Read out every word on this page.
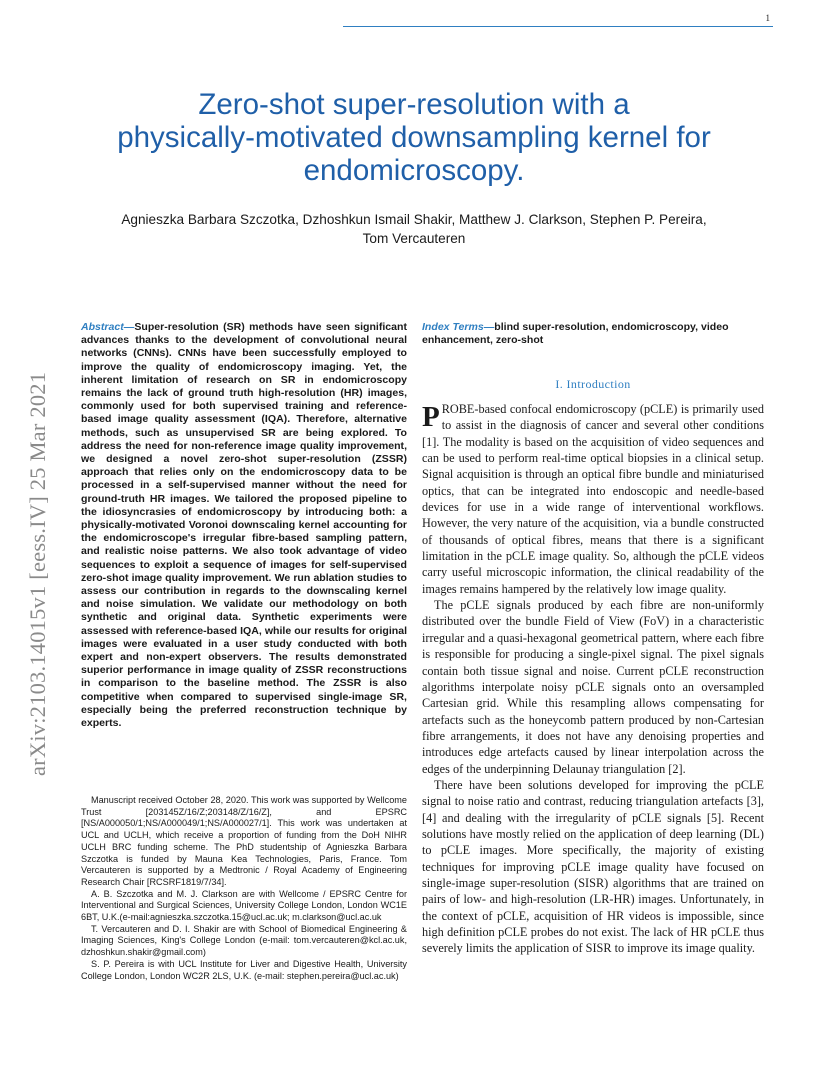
1
arXiv:2103.14015v1 [eess.IV] 25 Mar 2021
Zero-shot super-resolution with a
physically-motivated downsampling kernel for
endomicroscopy.
Agnieszka Barbara Szczotka, Dzhoshkun Ismail Shakir, Matthew J. Clarkson, Stephen P. Pereira,
Tom Vercauteren

Abstract—Super-resolution (SR) methods have seen significant advances thanks to the development of convolutional neural networks (CNNs). CNNs have been successfully employed to improve the quality of endomicroscopy imaging. Yet, the inherent limitation of research on SR in endomicroscopy remains the lack of ground truth high-resolution (HR) images, commonly used for both supervised training and reference-based image quality assessment (IQA). Therefore, alternative methods, such as unsupervised SR are being explored. To address the need for non-reference image quality improvement, we designed a novel zero-shot super-resolution (ZSSR) approach that relies only on the endomicroscopy data to be processed in a self-supervised manner without the need for ground-truth HR images. We tailored the proposed pipeline to the idiosyncrasies of endomicroscopy by introducing both: a physically-motivated Voronoi downscaling kernel accounting for the endomicroscope's irregular fibre-based sampling pattern, and realistic noise patterns. We also took advantage of video sequences to exploit a sequence of images for self-supervised zero-shot image quality improvement. We run ablation studies to assess our contribution in regards to the downscaling kernel and noise simulation. We validate our methodology on both synthetic and original data. Synthetic experiments were assessed with reference-based IQA, while our results for original images were evaluated in a user study conducted with both expert and non-expert observers. The results demonstrated superior performance in image quality of ZSSR reconstructions in comparison to the baseline method. The ZSSR is also competitive when compared to supervised single-image SR, especially being the preferred reconstruction technique by experts.

Index Terms—blind super-resolution, endomicroscopy, video enhancement, zero-shot

Manuscript received October 28, 2020. This work was supported by Wellcome Trust [203145Z/16/Z;203148/Z/16/Z], and EPSRC [NS/A000050/1;NS/A000049/1;NS/A000027/1]. This work was undertaken at UCL and UCLH, which receive a proportion of funding from the DoH NIHR UCLH BRC funding scheme. The PhD studentship of Agnieszka Barbara Szczotka is funded by Mauna Kea Technologies, Paris, France. Tom Vercauteren is supported by a Medtronic / Royal Academy of Engineering Research Chair [RCSRF1819/7/34].

A. B. Szczotka and M. J. Clarkson are with Wellcome / EPSRC Centre for Interventional and Surgical Sciences, University College London, London WC1E 6BT, U.K.(e-mail:agnieszka.szczotka.15@ucl.ac.uk; m.clarkson@ucl.ac.uk

T. Vercauteren and D. I. Shakir are with School of Biomedical Engineering & Imaging Sciences, King's College London (e-mail: tom.vercauteren@kcl.ac.uk, dzhoshkun.shakir@gmail.com)

S. P. Pereira is with UCL Institute for Liver and Digestive Health, University College London, London WC2R 2LS, U.K. (e-mail: stephen.pereira@ucl.ac.uk)

I. Introduction

PROBE-based confocal endomicroscopy (pCLE) is primarily used to assist in the diagnosis of cancer and several other conditions [1]. The modality is based on the acquisition of video sequences and can be used to perform real-time optical biopsies in a clinical setup. Signal acquisition is through an optical fibre bundle and miniaturised optics, that can be integrated into endoscopic and needle-based devices for use in a wide range of interventional workflows. However, the very nature of the acquisition, via a bundle constructed of thousands of optical fibres, means that there is a significant limitation in the pCLE image quality. So, although the pCLE videos carry useful microscopic information, the clinical readability of the images remains hampered by the relatively low image quality.

The pCLE signals produced by each fibre are non-uniformly distributed over the bundle Field of View (FoV) in a characteristic irregular and a quasi-hexagonal geometrical pattern, where each fibre is responsible for producing a single-pixel signal. The pixel signals contain both tissue signal and noise. Current pCLE reconstruction algorithms interpolate noisy pCLE signals onto an oversampled Cartesian grid. While this resampling allows compensating for artefacts such as the honeycomb pattern produced by non-Cartesian fibre arrangements, it does not have any denoising properties and introduces edge artefacts caused by linear interpolation across the edges of the underpinning Delaunay triangulation [2].

There have been solutions developed for improving the pCLE signal to noise ratio and contrast, reducing triangulation artefacts [3], [4] and dealing with the irregularity of pCLE signals [5]. Recent solutions have mostly relied on the application of deep learning (DL) to pCLE images. More specifically, the majority of existing techniques for improving pCLE image quality have focused on single-image super-resolution (SISR) algorithms that are trained on pairs of low- and high-resolution (LR-HR) images. Unfortunately, in the context of pCLE, acquisition of HR videos is impossible, since high definition pCLE probes do not exist. The lack of HR pCLE thus severely limits the application of SISR to improve its image quality.
